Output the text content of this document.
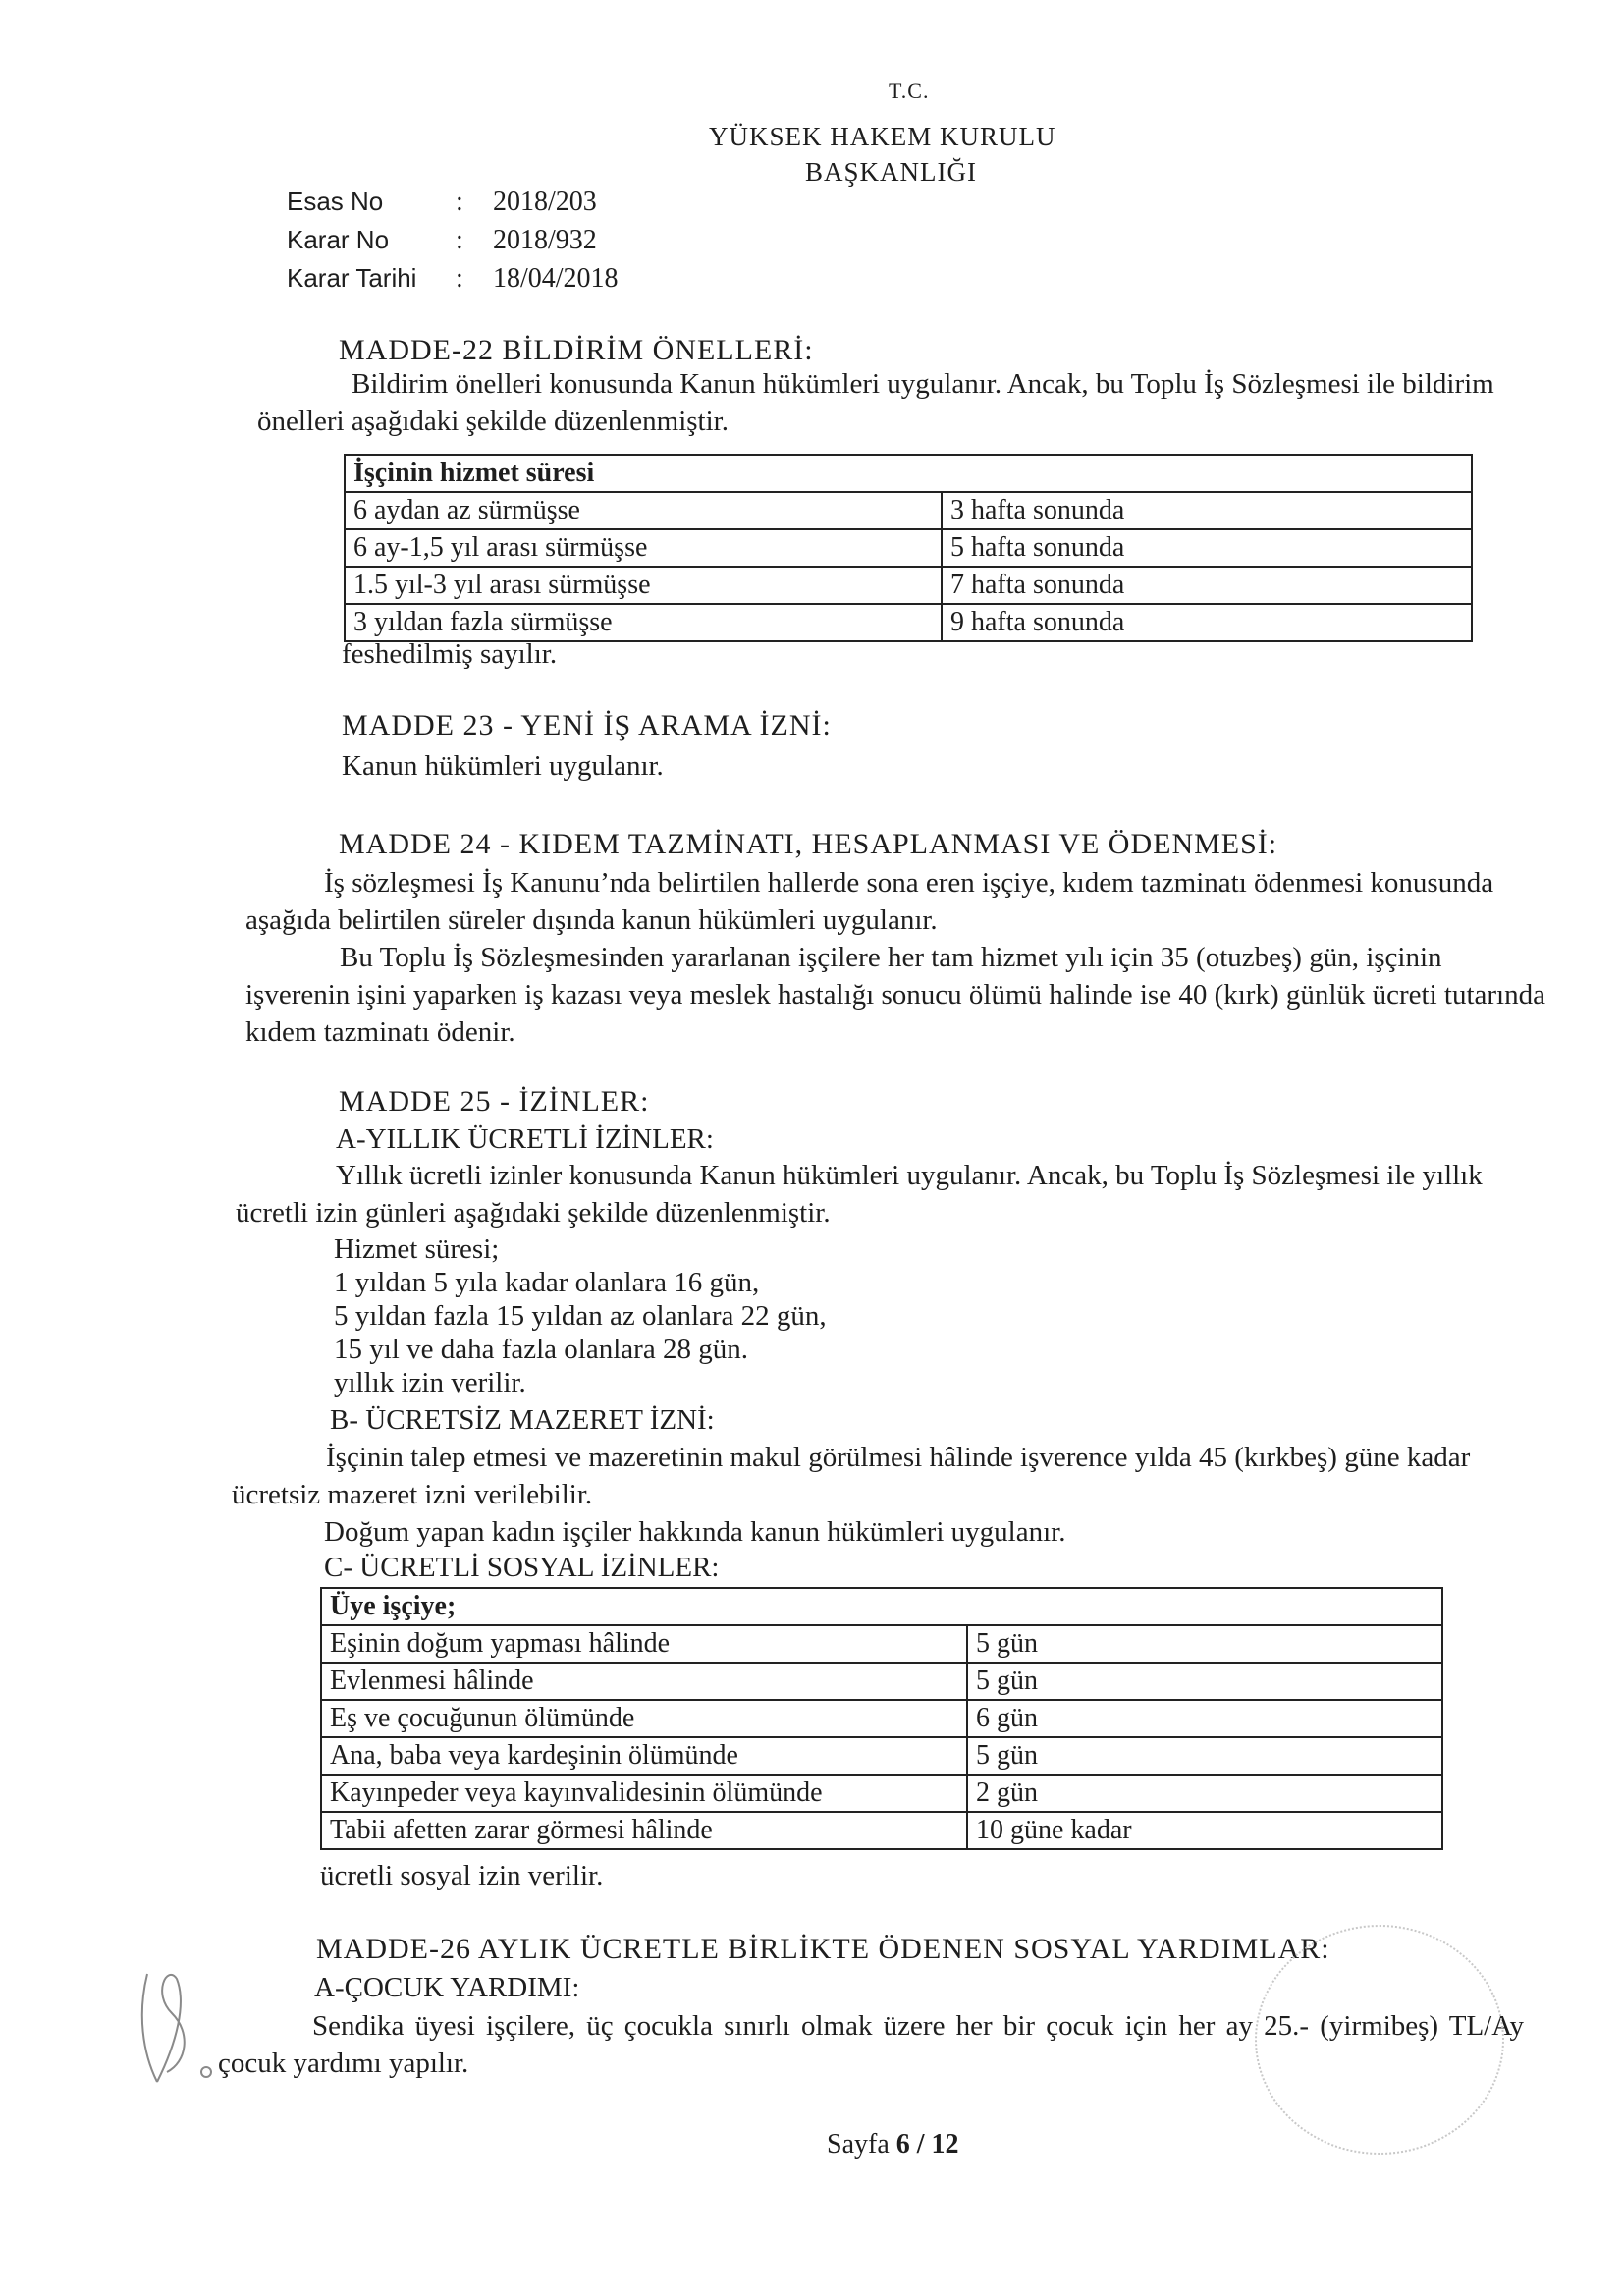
T.C.
YÜKSEK HAKEM KURULU
BAŞKANLIĞI
Esas No	: 2018/203
Karar No : 2018/932
Karar Tarihi : 18/04/2018
MADDE-22 BİLDİRİM ÖNELLERİ:
Bildirim önelleri konusunda Kanun hükümleri uygulanır. Ancak, bu Toplu İş Sözleşmesi ile bildirim önelleri aşağıdaki şekilde düzenlenmiştir.
İşçinin hizmet süresi	
6 aydan az sürmüşse	3 hafta sonunda
6 ay-1,5 yıl arası sürmüşse	5 hafta sonunda
1.5 yıl-3 yıl arası sürmüşse	7 hafta sonunda
3 yıldan fazla sürmüşse	9 hafta sonunda
feshedilmiş sayılır.
MADDE 23 - YENİ İŞ ARAMA İZNİ:
Kanun hükümleri uygulanır.
MADDE 24 - KIDEM TAZMİNATI, HESAPLANMASI VE ÖDENMESİ:
İş sözleşmesi İş Kanunu’nda belirtilen hallerde sona eren işçiye, kıdem tazminatı ödenmesi konusunda aşağıda belirtilen süreler dışında kanun hükümleri uygulanır.
Bu Toplu İş Sözleşmesinden yararlanan işçilere her tam hizmet yılı için 35 (otuzbeş) gün, işçinin işverenin işini yaparken iş kazası veya meslek hastalığı sonucu ölümü halinde ise 40 (kırk) günlük ücreti tutarında kıdem tazminatı ödenir.
MADDE 25 - İZİNLER:
A-YILLIK ÜCRETLİ İZİNLER:
Yıllık ücretli izinler konusunda Kanun hükümleri uygulanır. Ancak, bu Toplu İş Sözleşmesi ile yıllık ücretli izin günleri aşağıdaki şekilde düzenlenmiştir.
Hizmet süresi;
1 yıldan 5 yıla kadar olanlara 16 gün,
5 yıldan fazla 15 yıldan az olanlara 22 gün,
15 yıl ve daha fazla olanlara 28 gün.
yıllık izin verilir.
B- ÜCRETSİZ MAZERET İZNİ:
İşçinin talep etmesi ve mazeretinin makul görülmesi hâlinde işverence yılda 45 (kırkbeş) güne kadar ücretsiz mazeret izni verilebilir.
Doğum yapan kadın işçiler hakkında kanun hükümleri uygulanır.
C- ÜCRETLİ SOSYAL İZİNLER:
Üye işçiye;	
Eşinin doğum yapması hâlinde	5 gün
Evlenmesi hâlinde	5 gün
Eş ve çocuğunun ölümünde	6 gün
Ana, baba veya kardeşinin ölümünde	5 gün
Kayınpeder veya kayınvalidesinin ölümünde	2 gün
Tabii afetten zarar görmesi hâlinde	10 güne kadar
ücretli sosyal izin verilir.
MADDE-26 AYLIK ÜCRETLE BİRLİKTE ÖDENEN SOSYAL YARDIMLAR:
A-ÇOCUK YARDIMI:
Sendika üyesi işçilere, üç çocukla sınırlı olmak üzere her bir çocuk için her ay 25.- (yirmibeş) TL/Ay çocuk yardımı yapılır.
Sayfa 6 / 12
